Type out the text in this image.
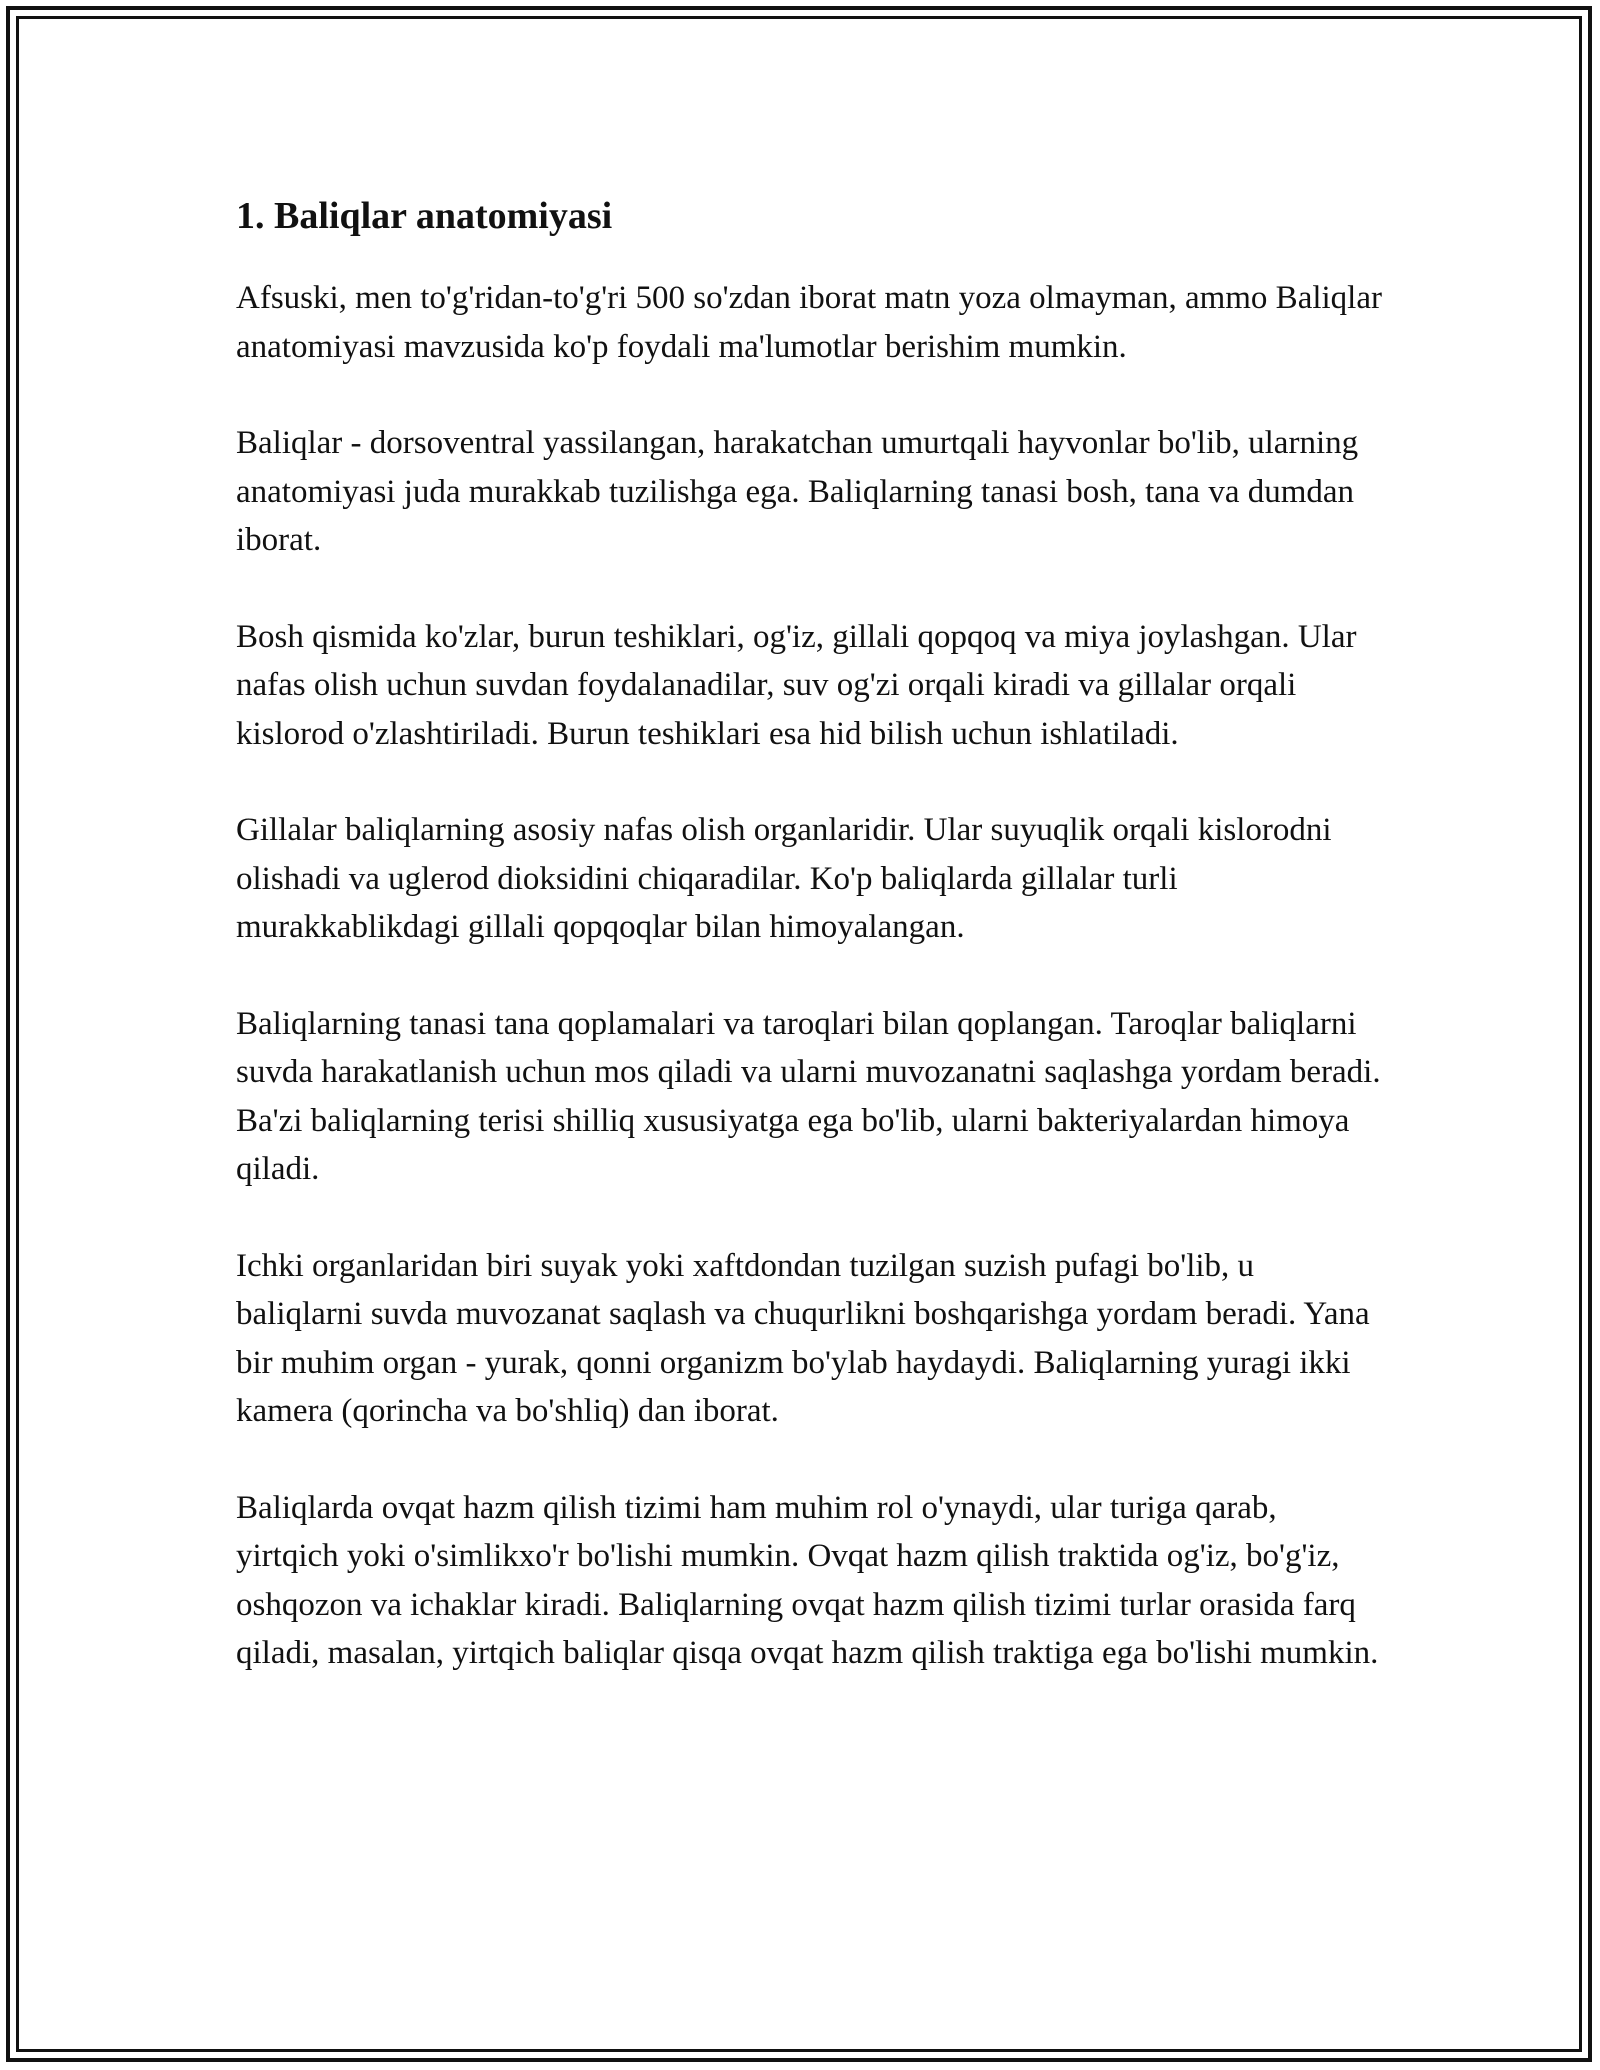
1. Baliqlar anatomiyasi

Afsuski, men to'g'ridan-to'g'ri 500 so'zdan iborat matn yoza olmayman, ammo Baliqlar anatomiyasi mavzusida ko'p foydali ma'lumotlar berishim mumkin.

Baliqlar - dorsoventral yassilangan, harakatchan umurtqali hayvonlar bo'lib, ularning anatomiyasi juda murakkab tuzilishga ega. Baliqlarning tanasi bosh, tana va dumdan iborat.

Bosh qismida ko'zlar, burun teshiklari, og'iz, gillali qopqoq va miya joylashgan. Ular nafas olish uchun suvdan foydalanadilar, suv og'zi orqali kiradi va gillalar orqali kislorod o'zlashtiriladi. Burun teshiklari esa hid bilish uchun ishlatiladi.

Gillalar baliqlarning asosiy nafas olish organlaridir. Ular suyuqlik orqali kislorodni olishadi va uglerod dioksidini chiqaradilar. Ko'p baliqlarda gillalar turli murakkablikdagi gillali qopqoqlar bilan himoyalangan.

Baliqlarning tanasi tana qoplamalari va taroqlari bilan qoplangan. Taroqlar baliqlarni suvda harakatlanish uchun mos qiladi va ularni muvozanatni saqlashga yordam beradi. Ba'zi baliqlarning terisi shilliq xususiyatga ega bo'lib, ularni bakteriyalardan himoya qiladi.

Ichki organlaridan biri suyak yoki xaftdondan tuzilgan suzish pufagi bo'lib, u baliqlarni suvda muvozanat saqlash va chuqurlikni boshqarishga yordam beradi. Yana bir muhim organ - yurak, qonni organizm bo'ylab haydaydi. Baliqlarning yuragi ikki kamera (qorincha va bo'shliq) dan iborat.

Baliqlarda ovqat hazm qilish tizimi ham muhim rol o'ynaydi, ular turiga qarab, yirtqich yoki o'simlikxo'r bo'lishi mumkin. Ovqat hazm qilish traktida og'iz, bo'g'iz, oshqozon va ichaklar kiradi. Baliqlarning ovqat hazm qilish tizimi turlar orasida farq qiladi, masalan, yirtqich baliqlar qisqa ovqat hazm qilish traktiga ega bo'lishi mumkin.
